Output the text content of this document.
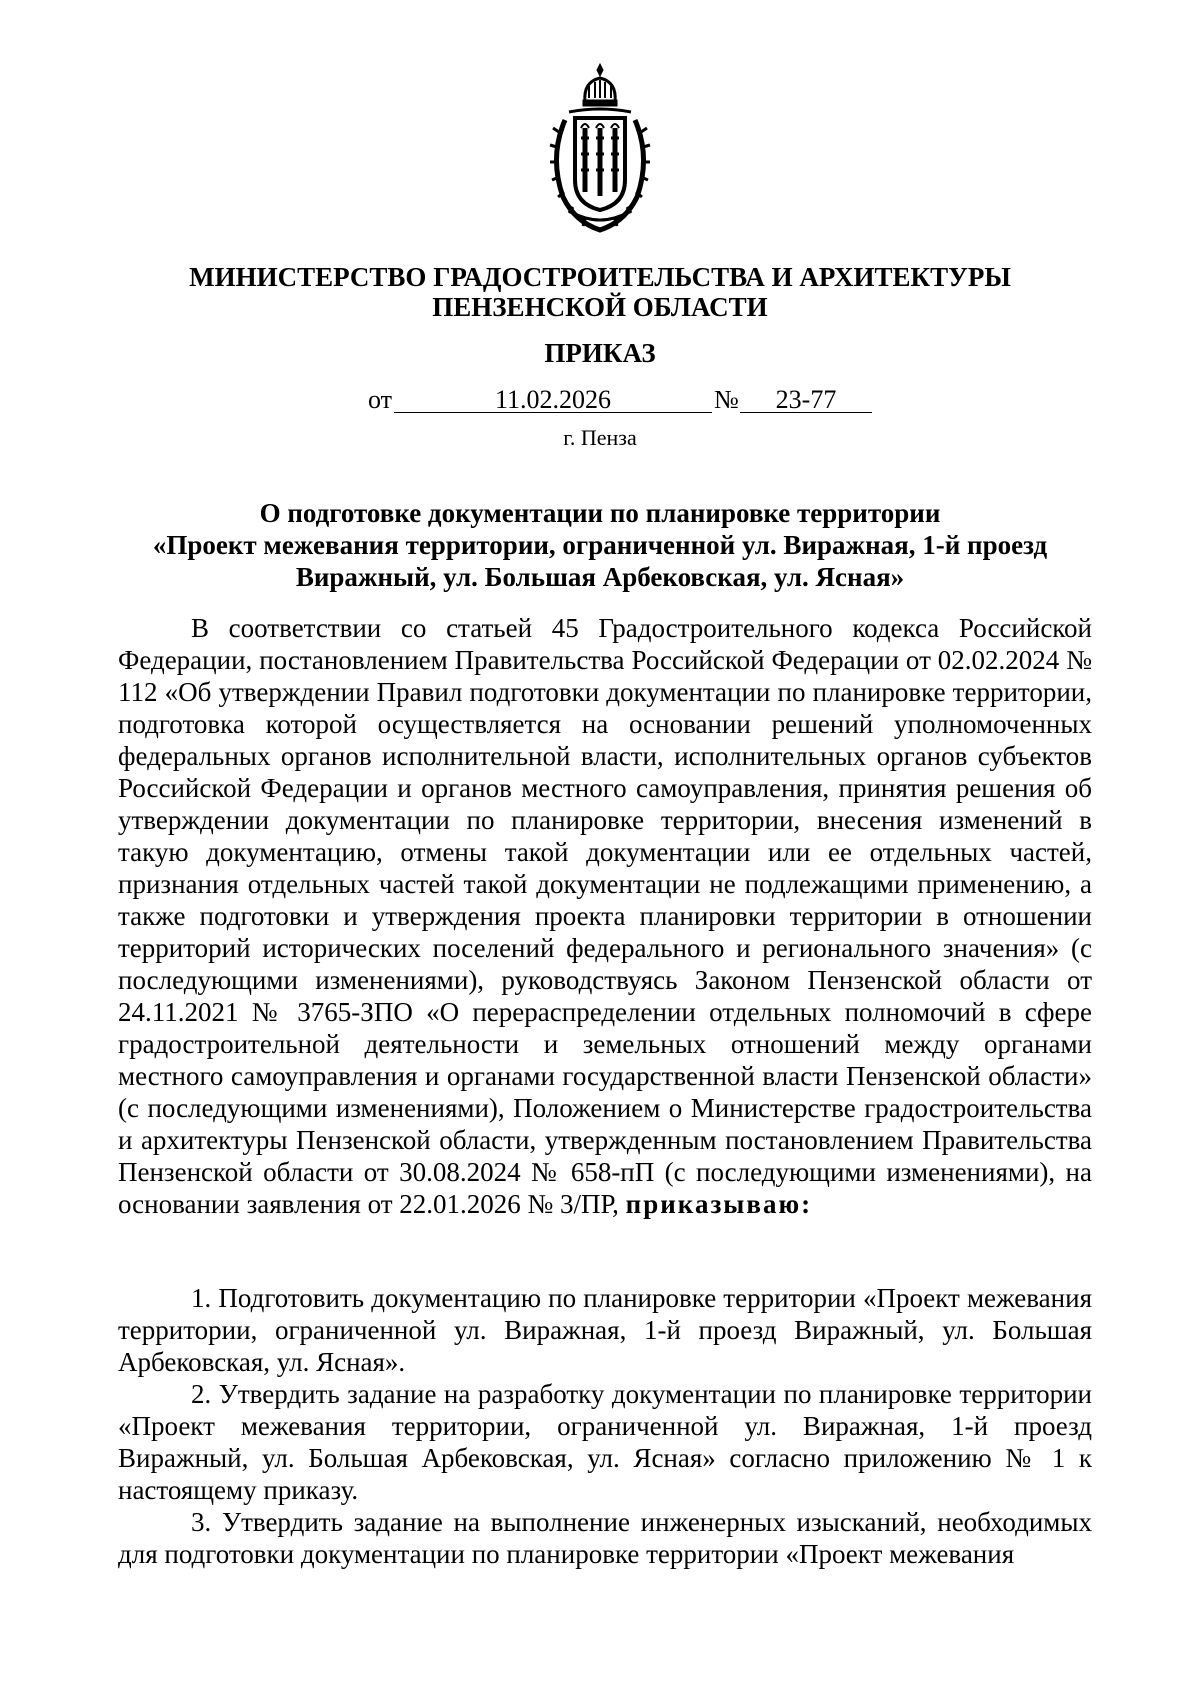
МИНИСТЕРСТВО ГРАДОСТРОИТЕЛЬСТВА И АРХИТЕКТУРЫ
ПЕНЗЕНСКОЙ ОБЛАСТИ
ПРИКАЗ
от	11.02.2026	№	23-77
г. Пенза
О подготовке документации по планировке территории
«Проект межевания территории, ограниченной ул. Виражная, 1-й проезд
Виражный, ул. Большая Арбековская, ул. Ясная»

В соответствии со статьей 45 Градостроительного кодекса Российской Федерации, постановлением Правительства Российской Федерации от 02.02.2024 № 112 «Об утверждении Правил подготовки документации по планировке территории, подготовка которой осуществляется на основании решений уполномоченных федеральных органов исполнительной власти, исполнительных органов субъектов Российской Федерации и органов местного самоуправления, принятия решения об утверждении документации по планировке территории, внесения изменений в такую документацию, отмены такой документации или ее отдельных частей, признания отдельных частей такой документации не подлежащими применению, а также подготовки и утверждения проекта планировки территории в отношении территорий исторических поселений федерального и регионального значения» (с последующими изменениями), руководствуясь Законом Пензенской области от 24.11.2021 № 3765-ЗПО «О перераспределении отдельных полномочий в сфере градостроительной деятельности и земельных отношений между органами местного самоуправления и органами государственной власти Пензенской области» (с последующими изменениями), Положением о Министерстве градостроительства и архитектуры Пензенской области, утвержденным постановлением Правительства Пензенской области от 30.08.2024 № 658-пП (с последующими изменениями), на основании заявления от 22.01.2026 № 3/ПР, приказываю:

1. Подготовить документацию по планировке территории «Проект межевания территории, ограниченной ул. Виражная, 1-й проезд Виражный, ул. Большая Арбековская, ул. Ясная».

2. Утвердить задание на разработку документации по планировке территории «Проект межевания территории, ограниченной ул. Виражная, 1-й проезд Виражный, ул. Большая Арбековская, ул. Ясная» согласно приложению № 1 к настоящему приказу.

3. Утвердить задание на выполнение инженерных изысканий, необходимых для подготовки документации по планировке территории «Проект межевания
